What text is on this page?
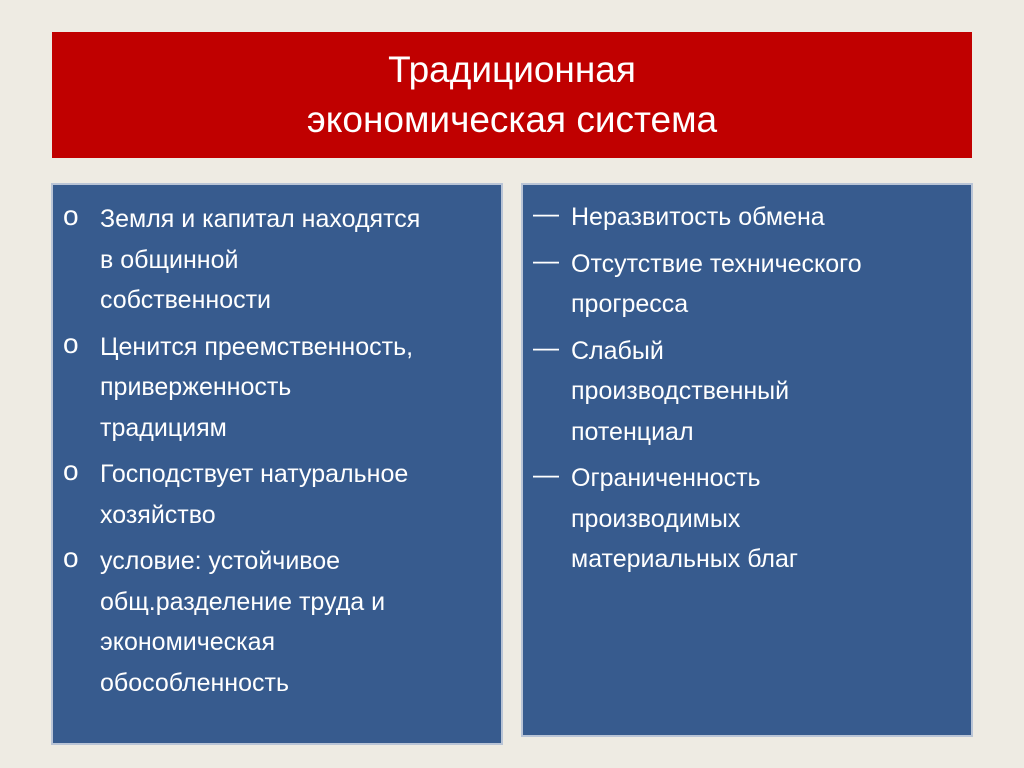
Традиционная
экономическая система
o Земля и капитал находятся
в общинной
собственности
o Ценится преемственность,
приверженность
традициям
o Господствует натуральное
хозяйство
o условие: устойчивое
общ.разделение труда и
экономическая
обособленность
— Неразвитость обмена
— Отсутствие технического
прогресса
— Слабый
производственный
потенциал
— Ограниченность
производимых
материальных благ
